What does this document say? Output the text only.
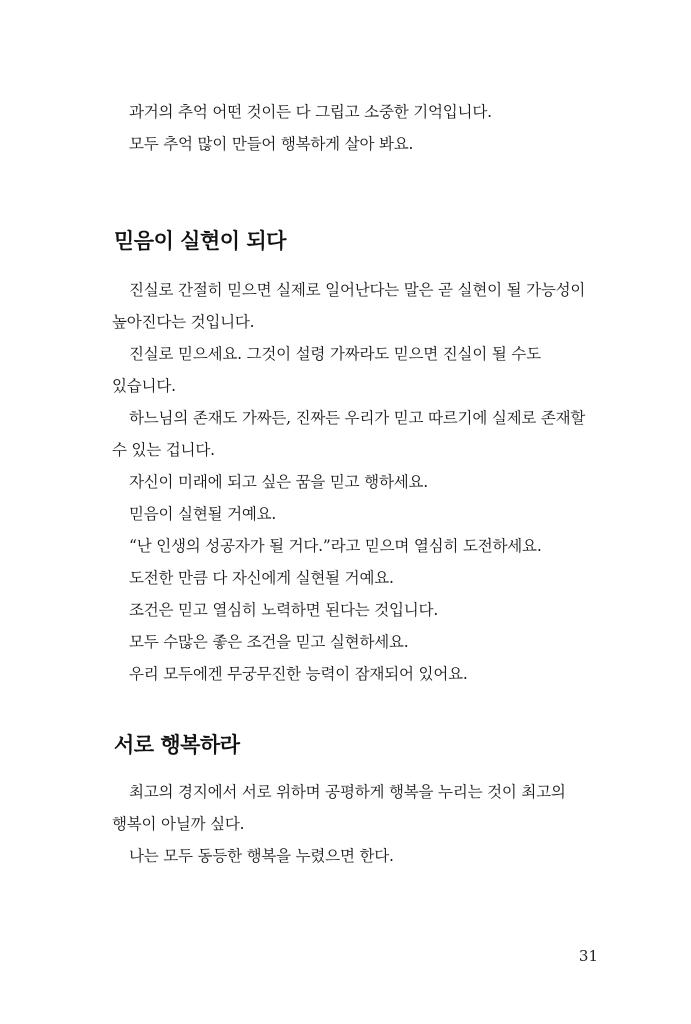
과거의 추억 어떤 것이든 다 그립고 소중한 기억입니다.

모두 추억 많이 만들어 행복하게 살아 봐요.

믿음이 실현이 되다

진실로 간절히 믿으면 실제로 일어난다는 말은 곧 실현이 될 가능성이 높아진다는 것입니다.

진실로 믿으세요. 그것이 설령 가짜라도 믿으면 진실이 될 수도 있습니다.

하느님의 존재도 가짜든, 진짜든 우리가 믿고 따르기에 실제로 존재할 수 있는 겁니다.

자신이 미래에 되고 싶은 꿈을 믿고 행하세요.

믿음이 실현될 거예요.

“난 인생의 성공자가 될 거다.”라고 믿으며 열심히 도전하세요.

도전한 만큼 다 자신에게 실현될 거예요.

조건은 믿고 열심히 노력하면 된다는 것입니다.

모두 수많은 좋은 조건을 믿고 실현하세요.

우리 모두에겐 무궁무진한 능력이 잠재되어 있어요.

서로 행복하라

최고의 경지에서 서로 위하며 공평하게 행복을 누리는 것이 최고의 행복이 아닐까 싶다.

나는 모두 동등한 행복을 누렸으면 한다.

31
